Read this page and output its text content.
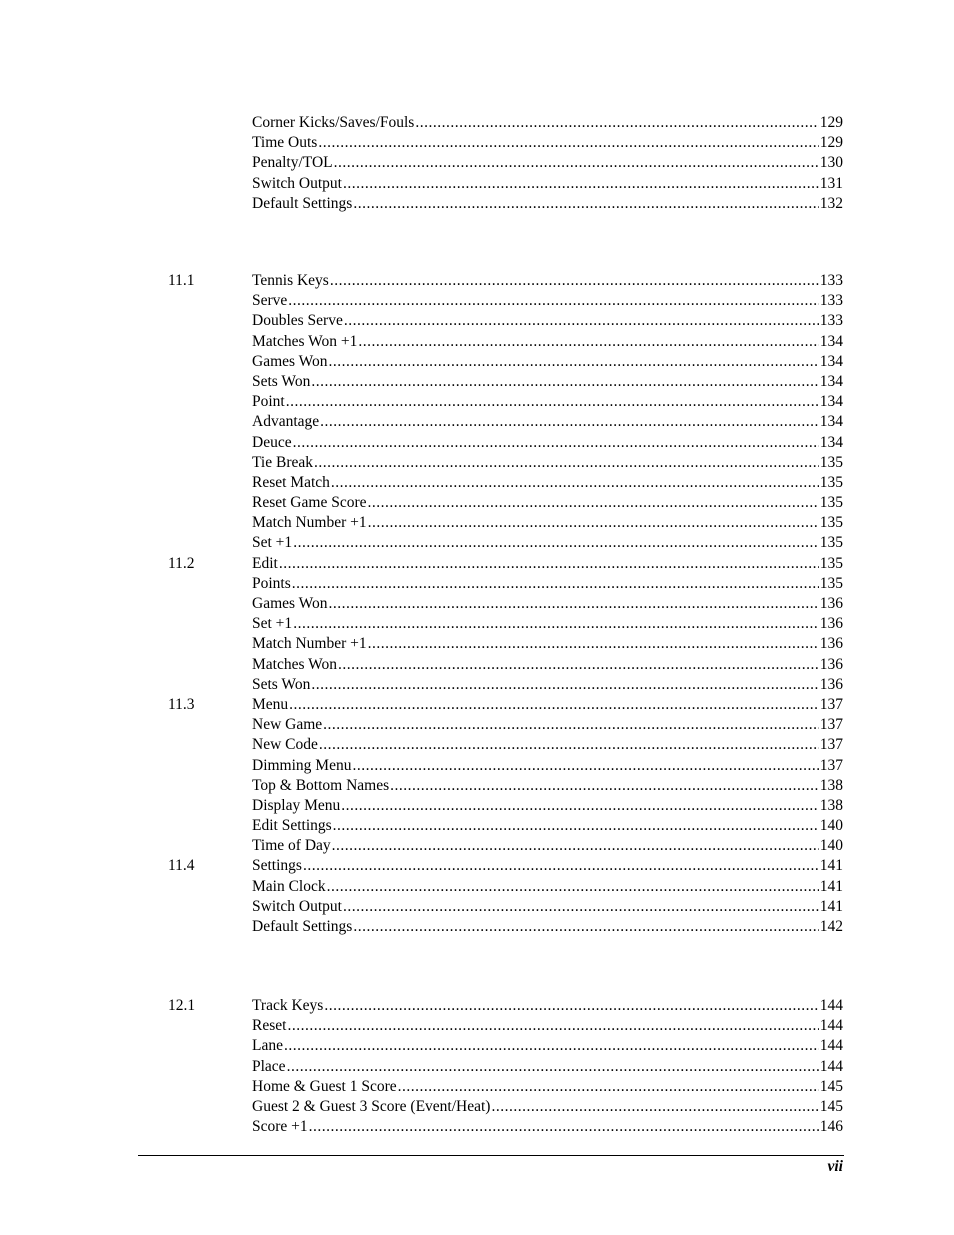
Corner Kicks/Saves/Fouls .....	129
Time Outs .....	129
Penalty/TOL .....	130
Switch Output .....	131
Default Settings .....	132
11.1	Tennis Keys .....	133
Serve .....	133
Doubles Serve .....	133
Matches Won +1 .....	134
Games Won .....	134
Sets Won .....	134
Point .....	134
Advantage .....	134
Deuce .....	134
Tie Break .....	135
Reset Match .....	135
Reset Game Score .....	135
Match Number +1 .....	135
Set +1 .....	135
11.2	Edit .....	135
Points .....	135
Games Won .....	136
Set +1 .....	136
Match Number +1 .....	136
Matches Won .....	136
Sets Won .....	136
11.3	Menu .....	137
New Game .....	137
New Code .....	137
Dimming Menu .....	137
Top & Bottom Names .....	138
Display Menu .....	138
Edit Settings .....	140
Time of Day .....	140
11.4	Settings .....	141
Main Clock .....	141
Switch Output .....	141
Default Settings .....	142
12.1	Track Keys .....	144
Reset .....	144
Lane .....	144
Place .....	144
Home & Guest 1 Score .....	145
Guest 2 & Guest 3 Score (Event/Heat) .....	145
Score +1 .....	146
vii
